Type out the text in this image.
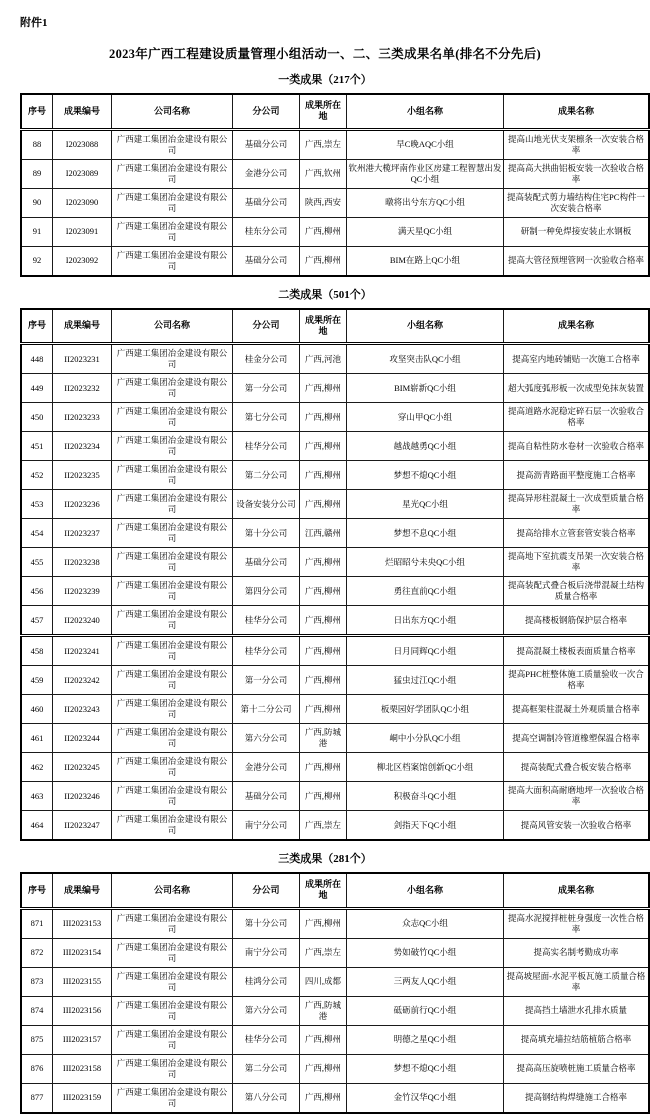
附件1
2023年广西工程建设质量管理小组活动一、二、三类成果名单(排名不分先后)
一类成果（217个）
序号	成果编号	公司名称	分公司	成果所在地	小组名称	成果名称
88	I2023088	广西建工集团冶金建设有限公司	基础分公司	广西,崇左	早C晚AQC小组	提高山地光伏支架檩条一次安装合格率
89	I2023089	广西建工集团冶金建设有限公司	金港分公司	广西,钦州	钦州港大榄坪南作业区房建工程智慧出发QC小组	提高高大拱曲铝板安装一次验收合格率
90	I2023090	广西建工集团冶金建设有限公司	基础分公司	陕西,西安	暾将出兮东方QC小组	提高装配式剪力墙结构住宅PC构件一次安装合格率
91	I2023091	广西建工集团冶金建设有限公司	桂东分公司	广西,柳州	满天星QC小组	研制一种免焊接安装止水钢板
92	I2023092	广西建工集团冶金建设有限公司	基础分公司	广西,柳州	BIM在路上QC小组	提高大管径预埋管网一次验收合格率
二类成果（501个）
序号	成果编号	公司名称	分公司	成果所在地	小组名称	成果名称
448	II2023231	广西建工集团冶金建设有限公司	桂金分公司	广西,河池	攻坚突击队QC小组	提高室内地砖铺贴一次施工合格率
449	II2023232	广西建工集团冶金建设有限公司	第一分公司	广西,柳州	BIM崭新QC小组	超大弧度弧形板一次成型免抹灰装置
450	II2023233	广西建工集团冶金建设有限公司	第七分公司	广西,柳州	穿山甲QC小组	提高道路水泥稳定碎石层一次验收合格率
451	II2023234	广西建工集团冶金建设有限公司	桂华分公司	广西,柳州	越战越勇QC小组	提高自粘性防水卷材一次验收合格率
452	II2023235	广西建工集团冶金建设有限公司	第二分公司	广西,柳州	梦想不熄QC小组	提高沥青路面平整度施工合格率
453	II2023236	广西建工集团冶金建设有限公司	设备安装分公司	广西,柳州	星光QC小组	提高异形柱混凝土一次成型质量合格率
454	II2023237	广西建工集团冶金建设有限公司	第十分公司	江西,赣州	梦想不息QC小组	提高给排水立管套管安装合格率
455	II2023238	广西建工集团冶金建设有限公司	基础分公司	广西,柳州	烂昭昭兮未央QC小组	提高地下室抗震支吊架一次安装合格率
456	II2023239	广西建工集团冶金建设有限公司	第四分公司	广西,柳州	勇往直前QC小组	提高装配式叠合板后浇带混凝土结构质量合格率
457	II2023240	广西建工集团冶金建设有限公司	桂华分公司	广西,柳州	日出东方QC小组	提高楼板钢筋保护层合格率
458	II2023241	广西建工集团冶金建设有限公司	桂华分公司	广西,柳州	日月同辉QC小组	提高混凝土楼板表面质量合格率
459	II2023242	广西建工集团冶金建设有限公司	第一分公司	广西,柳州	猛虫过江QC小组	提高PHC桩整体施工质量验收一次合格率
460	II2023243	广西建工集团冶金建设有限公司	第十二分公司	广西,柳州	板栗园好学团队QC小组	提高框架柱混凝土外观质量合格率
461	II2023244	广西建工集团冶金建设有限公司	第六分公司	广西,防城港	峒中小分队QC小组	提高空调制冷管道橡塑保温合格率
462	II2023245	广西建工集团冶金建设有限公司	金港分公司	广西,柳州	柳北区档案馆创新QC小组	提高装配式叠合板安装合格率
463	II2023246	广西建工集团冶金建设有限公司	基础分公司	广西,柳州	积极奋斗QC小组	提高大面积高耐磨地坪一次验收合格率
464	II2023247	广西建工集团冶金建设有限公司	南宁分公司	广西,崇左	剑指天下QC小组	提高风管安装一次验收合格率
三类成果（281个）
序号	成果编号	公司名称	分公司	成果所在地	小组名称	成果名称
871	III2023153	广西建工集团冶金建设有限公司	第十分公司	广西,柳州	众志QC小组	提高水泥搅拌桩桩身强度一次性合格率
872	III2023154	广西建工集团冶金建设有限公司	南宁分公司	广西,崇左	势如破竹QC小组	提高实名制考勤成功率
873	III2023155	广西建工集团冶金建设有限公司	桂鸿分公司	四川,成都	三两友人QC小组	提高坡屋面-水泥平板瓦施工质量合格率
874	III2023156	广西建工集团冶金建设有限公司	第六分公司	广西,防城港	砥砺前行QC小组	提高挡土墙泄水孔排水质量
875	III2023157	广西建工集团冶金建设有限公司	桂华分公司	广西,柳州	明德之星QC小组	提高填充墙拉结筋植筋合格率
876	III2023158	广西建工集团冶金建设有限公司	第二分公司	广西,柳州	梦想不熄QC小组	提高高压旋喷桩施工质量合格率
877	III2023159	广西建工集团冶金建设有限公司	第八分公司	广西,柳州	金竹汉华QC小组	提高钢结构焊缝施工合格率
